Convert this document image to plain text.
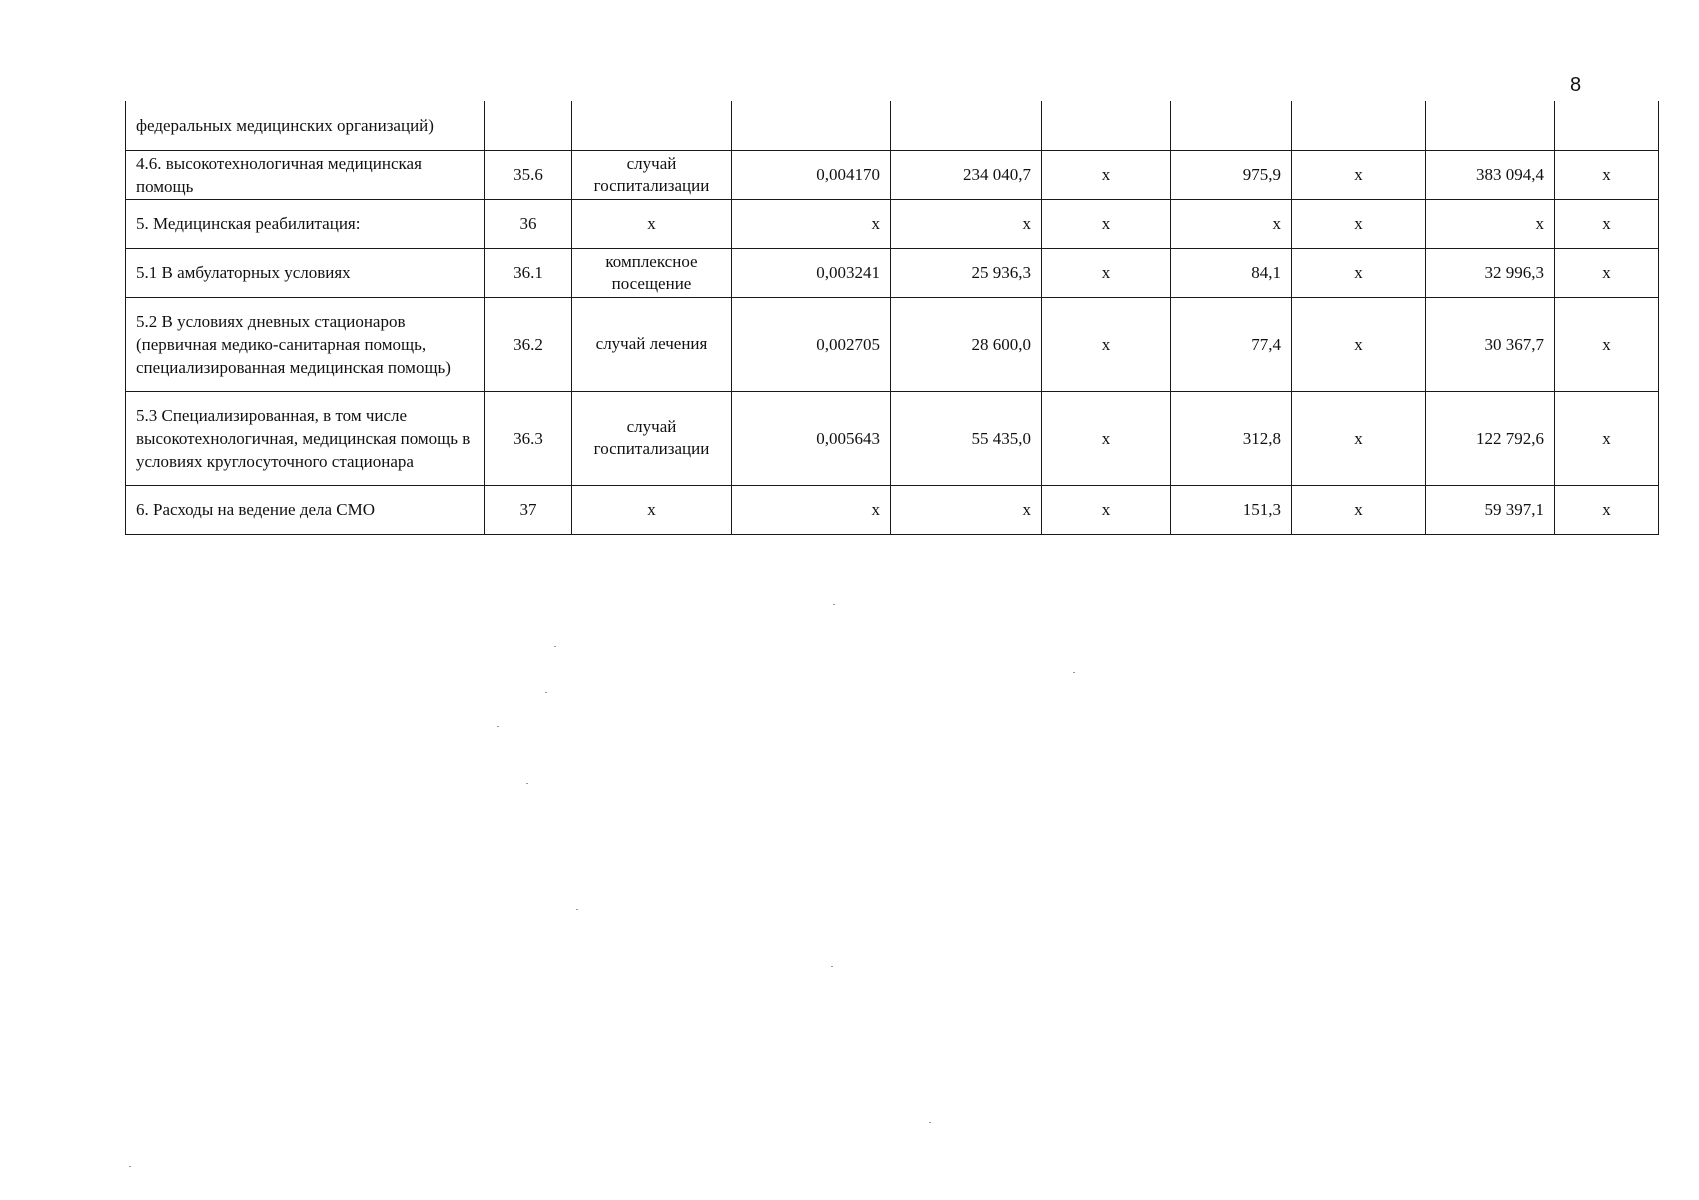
8
федеральных медицинских организаций)									
4.6. высокотехнологичная медицинская помощь	35.6	случай госпитализации	0,004170	234 040,7	х	975,9	х	383 094,4	х
5. Медицинская реабилитация:	36	х	х	х	х	х	х	х	х
5.1 В амбулаторных условиях	36.1	комплексное посещение	0,003241	25 936,3	х	84,1	х	32 996,3	х
5.2 В условиях дневных стационаров (первичная медико-санитарная помощь, специализированная медицинская помощь)	36.2	случай лечения	0,002705	28 600,0	х	77,4	х	30 367,7	х
5.3 Специализированная, в том числе высокотехнологичная, медицинская помощь в условиях круглосуточного стационара	36.3	случай госпитализации	0,005643	55 435,0	х	312,8	х	122 792,6	х
6. Расходы на ведение дела СМО	37	х	х	х	х	151,3	х	59 397,1	х
